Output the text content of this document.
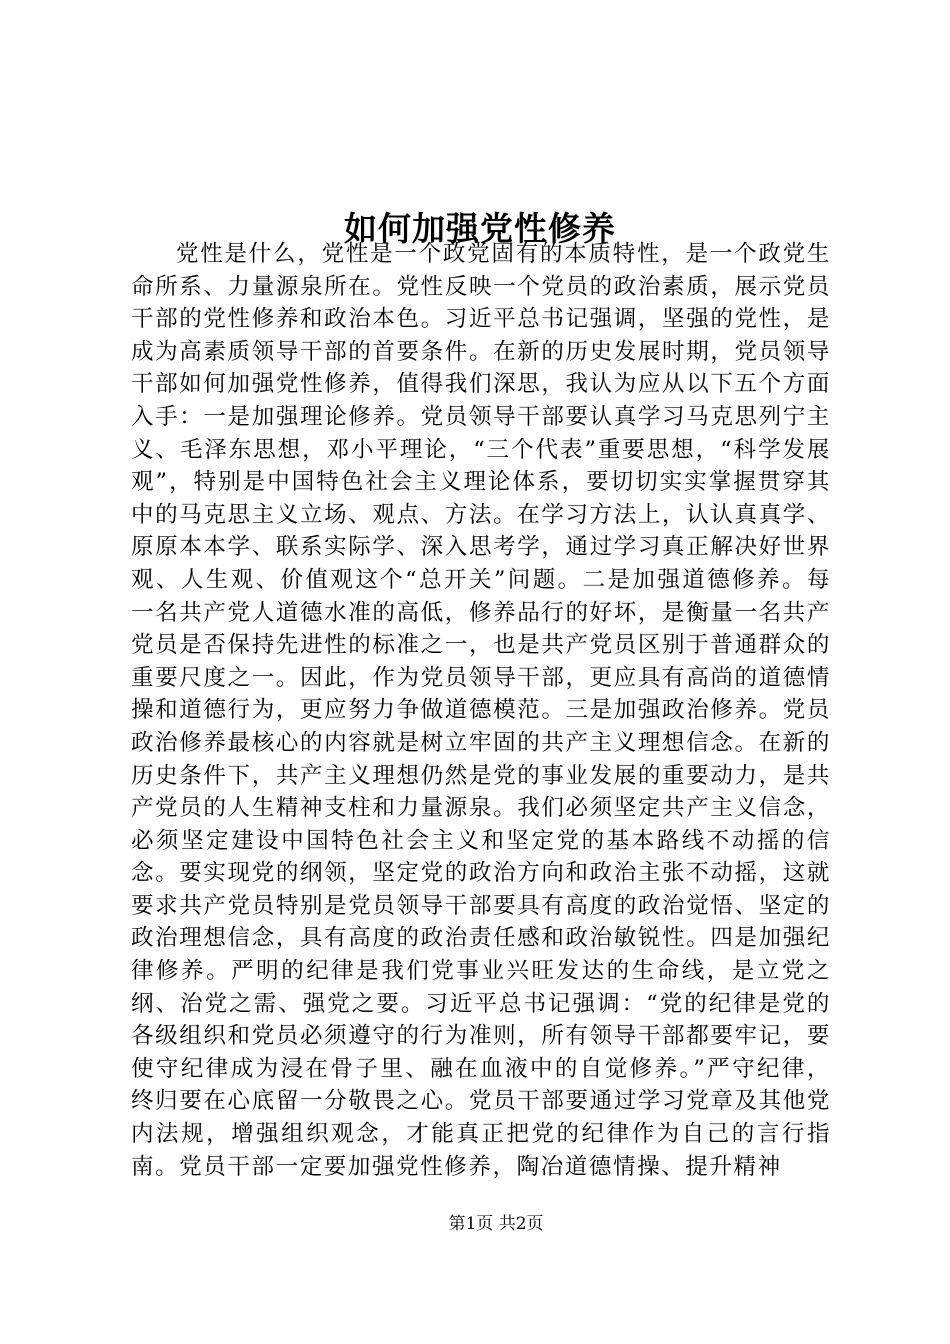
如何加强党性修养

党性是什么，党性是一个政党固有的本质特性，是一个政党生命所系、力量源泉所在。党性反映一个党员的政治素质，展示党员干部的党性修养和政治本色。习近平总书记强调，坚强的党性，是成为高素质领导干部的首要条件。在新的历史发展时期，党员领导干部如何加强党性修养，值得我们深思，我认为应从以下五个方面入手：一是加强理论修养。党员领导干部要认真学习马克思列宁主义、毛泽东思想，邓小平理论，“三个代表”重要思想，“科学发展观”，特别是中国特色社会主义理论体系，要切切实实掌握贯穿其中的马克思主义立场、观点、方法。在学习方法上，认认真真学、原原本本学、联系实际学、深入思考学，通过学习真正解决好世界观、人生观、价值观这个“总开关”问题。二是加强道德修养。每一名共产党人道德水准的高低，修养品行的好坏，是衡量一名共产党员是否保持先进性的标准之一，也是共产党员区别于普通群众的重要尺度之一。因此，作为党员领导干部，更应具有高尚的道德情操和道德行为，更应努力争做道德模范。三是加强政治修养。党员政治修养最核心的内容就是树立牢固的共产主义理想信念。在新的历史条件下，共产主义理想仍然是党的事业发展的重要动力，是共产党员的人生精神支柱和力量源泉。我们必须坚定共产主义信念，必须坚定建设中国特色社会主义和坚定党的基本路线不动摇的信念。要实现党的纲领，坚定党的政治方向和政治主张不动摇，这就要求共产党员特别是党员领导干部要具有高度的政治觉悟、坚定的政治理想信念，具有高度的政治责任感和政治敏锐性。四是加强纪律修养。严明的纪律是我们党事业兴旺发达的生命线，是立党之纲、治党之需、强党之要。习近平总书记强调：“党的纪律是党的各级组织和党员必须遵守的行为准则，所有领导干部都要牢记，要使守纪律成为浸在骨子里、融在血液中的自觉修养。”严守纪律，终归要在心底留一分敬畏之心。党员干部要通过学习党章及其他党内法规，增强组织观念，才能真正把党的纪律作为自己的言行指南。党员干部一定要加强党性修养，陶冶道德情操、提升精神

第1页 共2页
